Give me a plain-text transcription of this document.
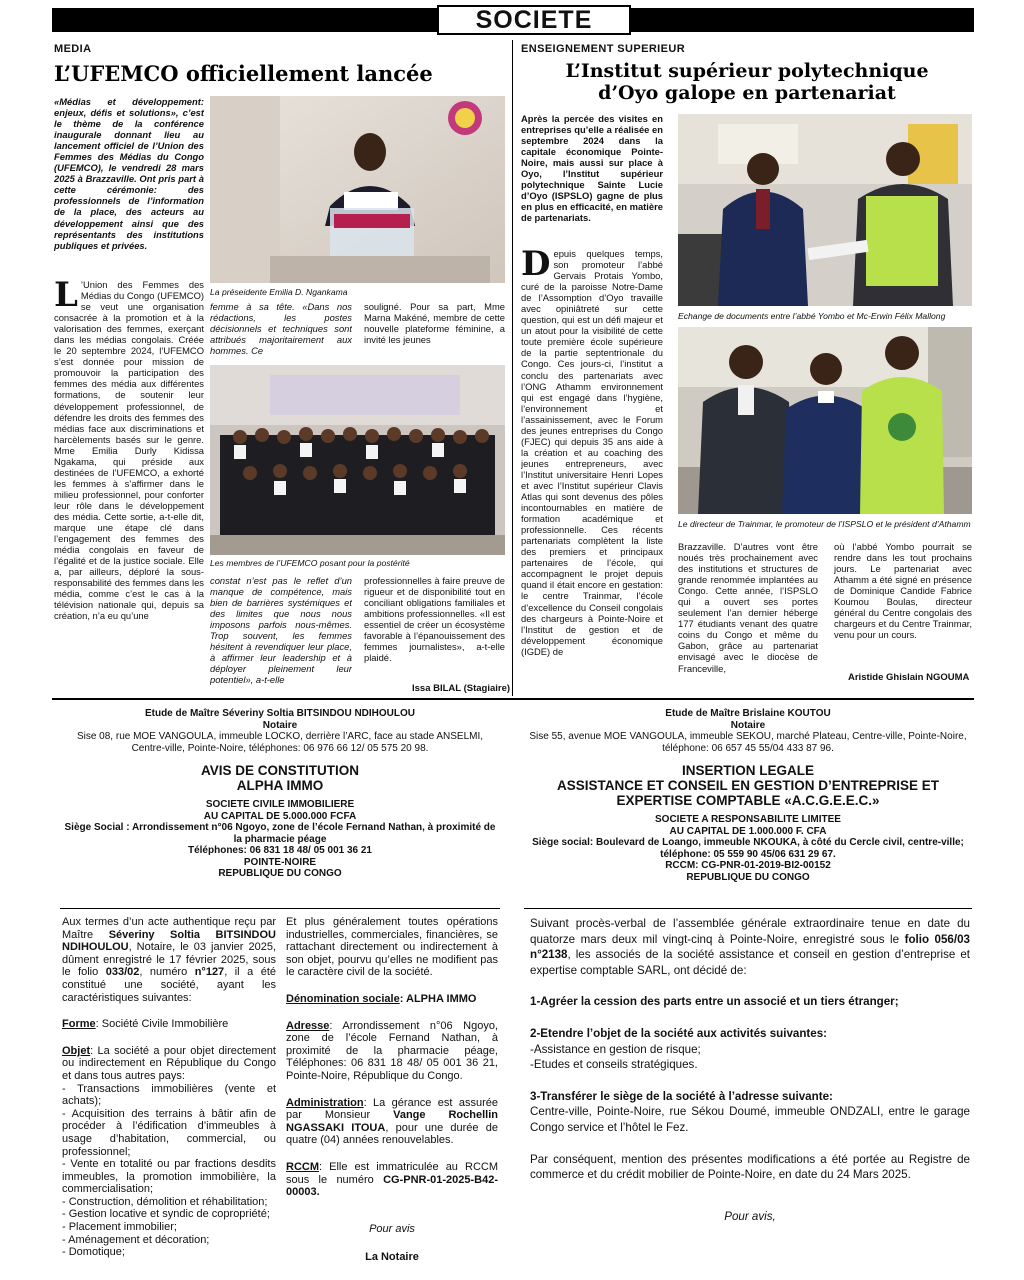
SOCIETE
MEDIA
L’UFEMCO officiellement lancée
«Médias et développement: enjeux, défis et solutions», c’est le thème de la conférence inaugurale donnant lieu au lancement officiel de l’Union des Femmes des Médias du Congo (UFEMCO), le vendredi 28 mars 2025 à Brazzaville. Ont pris part à cette cérémonie: des professionnels de l’information de la place, des acteurs au développement ainsi que des représentants des institutions publiques et privées.
La préseidente Emilia D. Ngankama
L ’Union des Femmes des Médias du Congo (UFEMCO) se veut une organisation consacrée à la promotion et à la valorisation des femmes, exerçant dans les médias congolais. Créée le 20 septembre 2024, l’UFEMCO s’est donnée pour mission de promouvoir la participation des femmes des média aux différentes formations, de soutenir leur développement professionnel, de défendre les droits des femmes des médias face aux discriminations et harcèlements basés sur le genre. Mme Emilia Durly Kidissa Ngakama, qui préside aux destinées de l’UFEMCO, a exhorté les femmes à s’affirmer dans le milieu professionnel, pour conforter leur rôle dans le développement des média. Cette sortie, a-t-elle dit, marque une étape clé dans l’engagement des femmes des média congolais en faveur de l’égalité et de la justice sociale. Elle a, par ailleurs, déploré la sous-responsabilité des femmes dans les média, comme c’est le cas à la télévision nationale qui, depuis sa création, n’a eu qu’une
femme à sa tête. «Dans nos rédactions, les postes décisionnels et techniques sont attribués majoritairement aux hommes. Ce
souligné. Pour sa part, Mme Marna Makéné, membre de cette nouvelle plateforme féminine, a invité les jeunes
Les membres de l’UFEMCO posant pour la postérité
constat n’est pas le reflet d’un manque de compétence, mais bien de barrières systémiques et des limites que nous nous imposons parfois nous-mêmes. Trop souvent, les femmes hésitent à revendiquer leur place, à affirmer leur leadership et à déployer pleinement leur potentiel», a-t-elle
professionnelles à faire preuve de rigueur et de disponibilité tout en conciliant obligations familiales et ambitions professionnelles. «Il est essentiel de créer un écosystème favorable à l’épanouissement des femmes journalistes», a-t-elle plaidé.
Issa BILAL (Stagiaire)
ENSEIGNEMENT SUPERIEUR
L’Institut supérieur polytechnique
d’Oyo galope en partenariat
Après la percée des visites en entreprises qu’elle a réalisée en septembre 2024 dans la capitale économique Pointe-Noire, mais aussi sur place à Oyo, l’Institut supérieur polytechnique Sainte Lucie d’Oyo (ISPSLO) gagne de plus en plus en efficacité, en matière de partenariats.
Depuis quelques temps, son promoteur l’abbé Gervais Protais Yombo, curé de la paroisse Notre-Dame de l’Assomption d’Oyo travaille avec opiniâtreté sur cette question, qui est un défi majeur et un atout pour la visibilité de cette toute première école supérieure de la partie septentrionale du Congo. Ces jours-ci, l’institut a conclu des partenariats avec l’ONG Athamm environnement qui est engagé dans l’hygiène, l’environnement et l’assainissement, avec le Forum des jeunes entreprises du Congo (FJEC) qui depuis 35 ans aide à la création et au coaching des jeunes entrepreneurs, avec l’Institut universitaire Henri Lopes et avec l’Institut supérieur Clavis Atlas qui sont devenus des pôles incontournables en matière de formation académique et professionnelle. Ces récents partenariats complètent la liste des premiers et principaux partenaires de l’école, qui accompagnent le projet depuis quand il était encore en gestation: le centre Trainmar, l’école d’excellence du Conseil congolais des chargeurs à Pointe-Noire et l’Institut de gestion et de développement économique (IGDE) de
Echange de documents entre l’abbé Yombo et Mc-Erwin Félix Mallong
Le directeur de Trainmar, le promoteur de l’ISPSLO et le président d’Athamm
Brazzaville. D’autres vont être noués très prochainement avec des institutions et structures de grande renommée implantées au Congo. Cette année, l’ISPSLO qui a ouvert ses portes seulement l’an dernier héberge 177 étudiants venant des quatre coins du Congo et même du Gabon, grâce au partenariat envisagé avec le diocèse de Franceville,
où l’abbé Yombo pourrait se rendre dans les tout prochains jours. Le partenariat avec Athamm a été signé en présence de Dominique Candide Fabrice Koumou Boulas, directeur général du Centre congolais des chargeurs et du Centre Trainmar, venu pour un cours.
Aristide Ghislain NGOUMA
Etude de Maître Séveriny Soltia BITSINDOU NDIHOULOU
Notaire
Sise 08, rue MOE VANGOULA, immeuble LOCKO, derrière l’ARC, face au stade ANSELMI, Centre-ville, Pointe-Noire, téléphones: 06 976 66 12/ 05 575 20 98.
AVIS DE CONSTITUTION
ALPHA IMMO
SOCIETE CIVILE IMMOBILIERE
AU CAPITAL DE 5.000.000 FCFA
Siège Social : Arrondissement n°06 Ngoyo, zone de l’école Fernand Nathan, à proximité de la pharmacie péage
Téléphones: 06 831 18 48/ 05 001 36 21
POINTE-NOIRE
REPUBLIQUE DU CONGO

Aux termes d’un acte authentique reçu par Maître Séveriny Soltia BITSINDOU NDIHOULOU, Notaire, le 03 janvier 2025, dûment enregistré le 17 février 2025, sous le folio 033/02, numéro n°127, il a été constitué une société, ayant les caractéristiques suivantes:

Forme: Société Civile Immobilière

Objet: La société a pour objet directement ou indirectement en République du Congo et dans tous autres pays:

- Transactions immobilières (vente et achats);

- Acquisition des terrains à bâtir afin de procéder à l’édification d’immeubles à usage d’habitation, commercial, ou professionnel;

- Vente en totalité ou par fractions desdits immeubles, la promotion immobilière, la commercialisation;

- Construction, démolition et réhabilitation;

- Gestion locative et syndic de copropriété;

- Placement immobilier;

- Aménagement et décoration;

- Domotique;

Et plus généralement toutes opérations industrielles, commerciales, financières, se rattachant directement ou indirectement à son objet, pourvu qu’elles ne modifient pas le caractère civil de la société.

Dénomination sociale: ALPHA IMMO

Adresse: Arrondissement n°06 Ngoyo, zone de l’école Fernand Nathan, à proximité de la pharmacie péage, Téléphones: 06 831 18 48/ 05 001 36 21, Pointe-Noire, République du Congo.

Administration: La gérance est assurée par Monsieur Vange Rochellin NGASSAKI ITOUA, pour une durée de quatre (04) années renouvelables.

RCCM: Elle est immatriculée au RCCM sous le numéro CG-PNR-01-2025-B42-00003.

Pour avis

La Notaire

Etude de Maître Brislaine KOUTOU
Notaire
Sise 55, avenue MOE VANGOULA, immeuble SEKOU, marché Plateau, Centre-ville, Pointe-Noire, téléphone: 06 657 45 55/04 433 87 96.
INSERTION LEGALE
ASSISTANCE ET CONSEIL EN GESTION D’ENTREPRISE ET EXPERTISE COMPTABLE «A.C.G.E.E.C.»
SOCIETE A RESPONSABILITE LIMITEE
AU CAPITAL DE 1.000.000 F. CFA
Siège social: Boulevard de Loango, immeuble NKOUKA, à côté du Cercle civil, centre-ville;
téléphone: 05 559 90 45/06 631 29 67.
RCCM: CG-PNR-01-2019-BI2-00152
REPUBLIQUE DU CONGO

Suivant procès-verbal de l’assemblée générale extraordinaire tenue en date du quatorze mars deux mil vingt-cinq à Pointe-Noire, enregistré sous le folio 056/03 n°2138, les associés de la société assistance et conseil en gestion d’entreprise et expertise comptable SARL, ont décidé de:

1-Agréer la cession des parts entre un associé et un tiers étranger;

2-Etendre l’objet de la société aux activités suivantes:

-Assistance en gestion de risque;

-Etudes et conseils stratégiques.

3-Transférer le siège de la société à l’adresse suivante:

Centre-ville, Pointe-Noire, rue Sékou Doumé, immeuble ONDZALI, entre le garage Congo service et l’hôtel le Fez.

Par conséquent, mention des présentes modifications a été portée au Registre de commerce et du crédit mobilier de Pointe-Noire, en date du 24 Mars 2025.

Pour avis,
